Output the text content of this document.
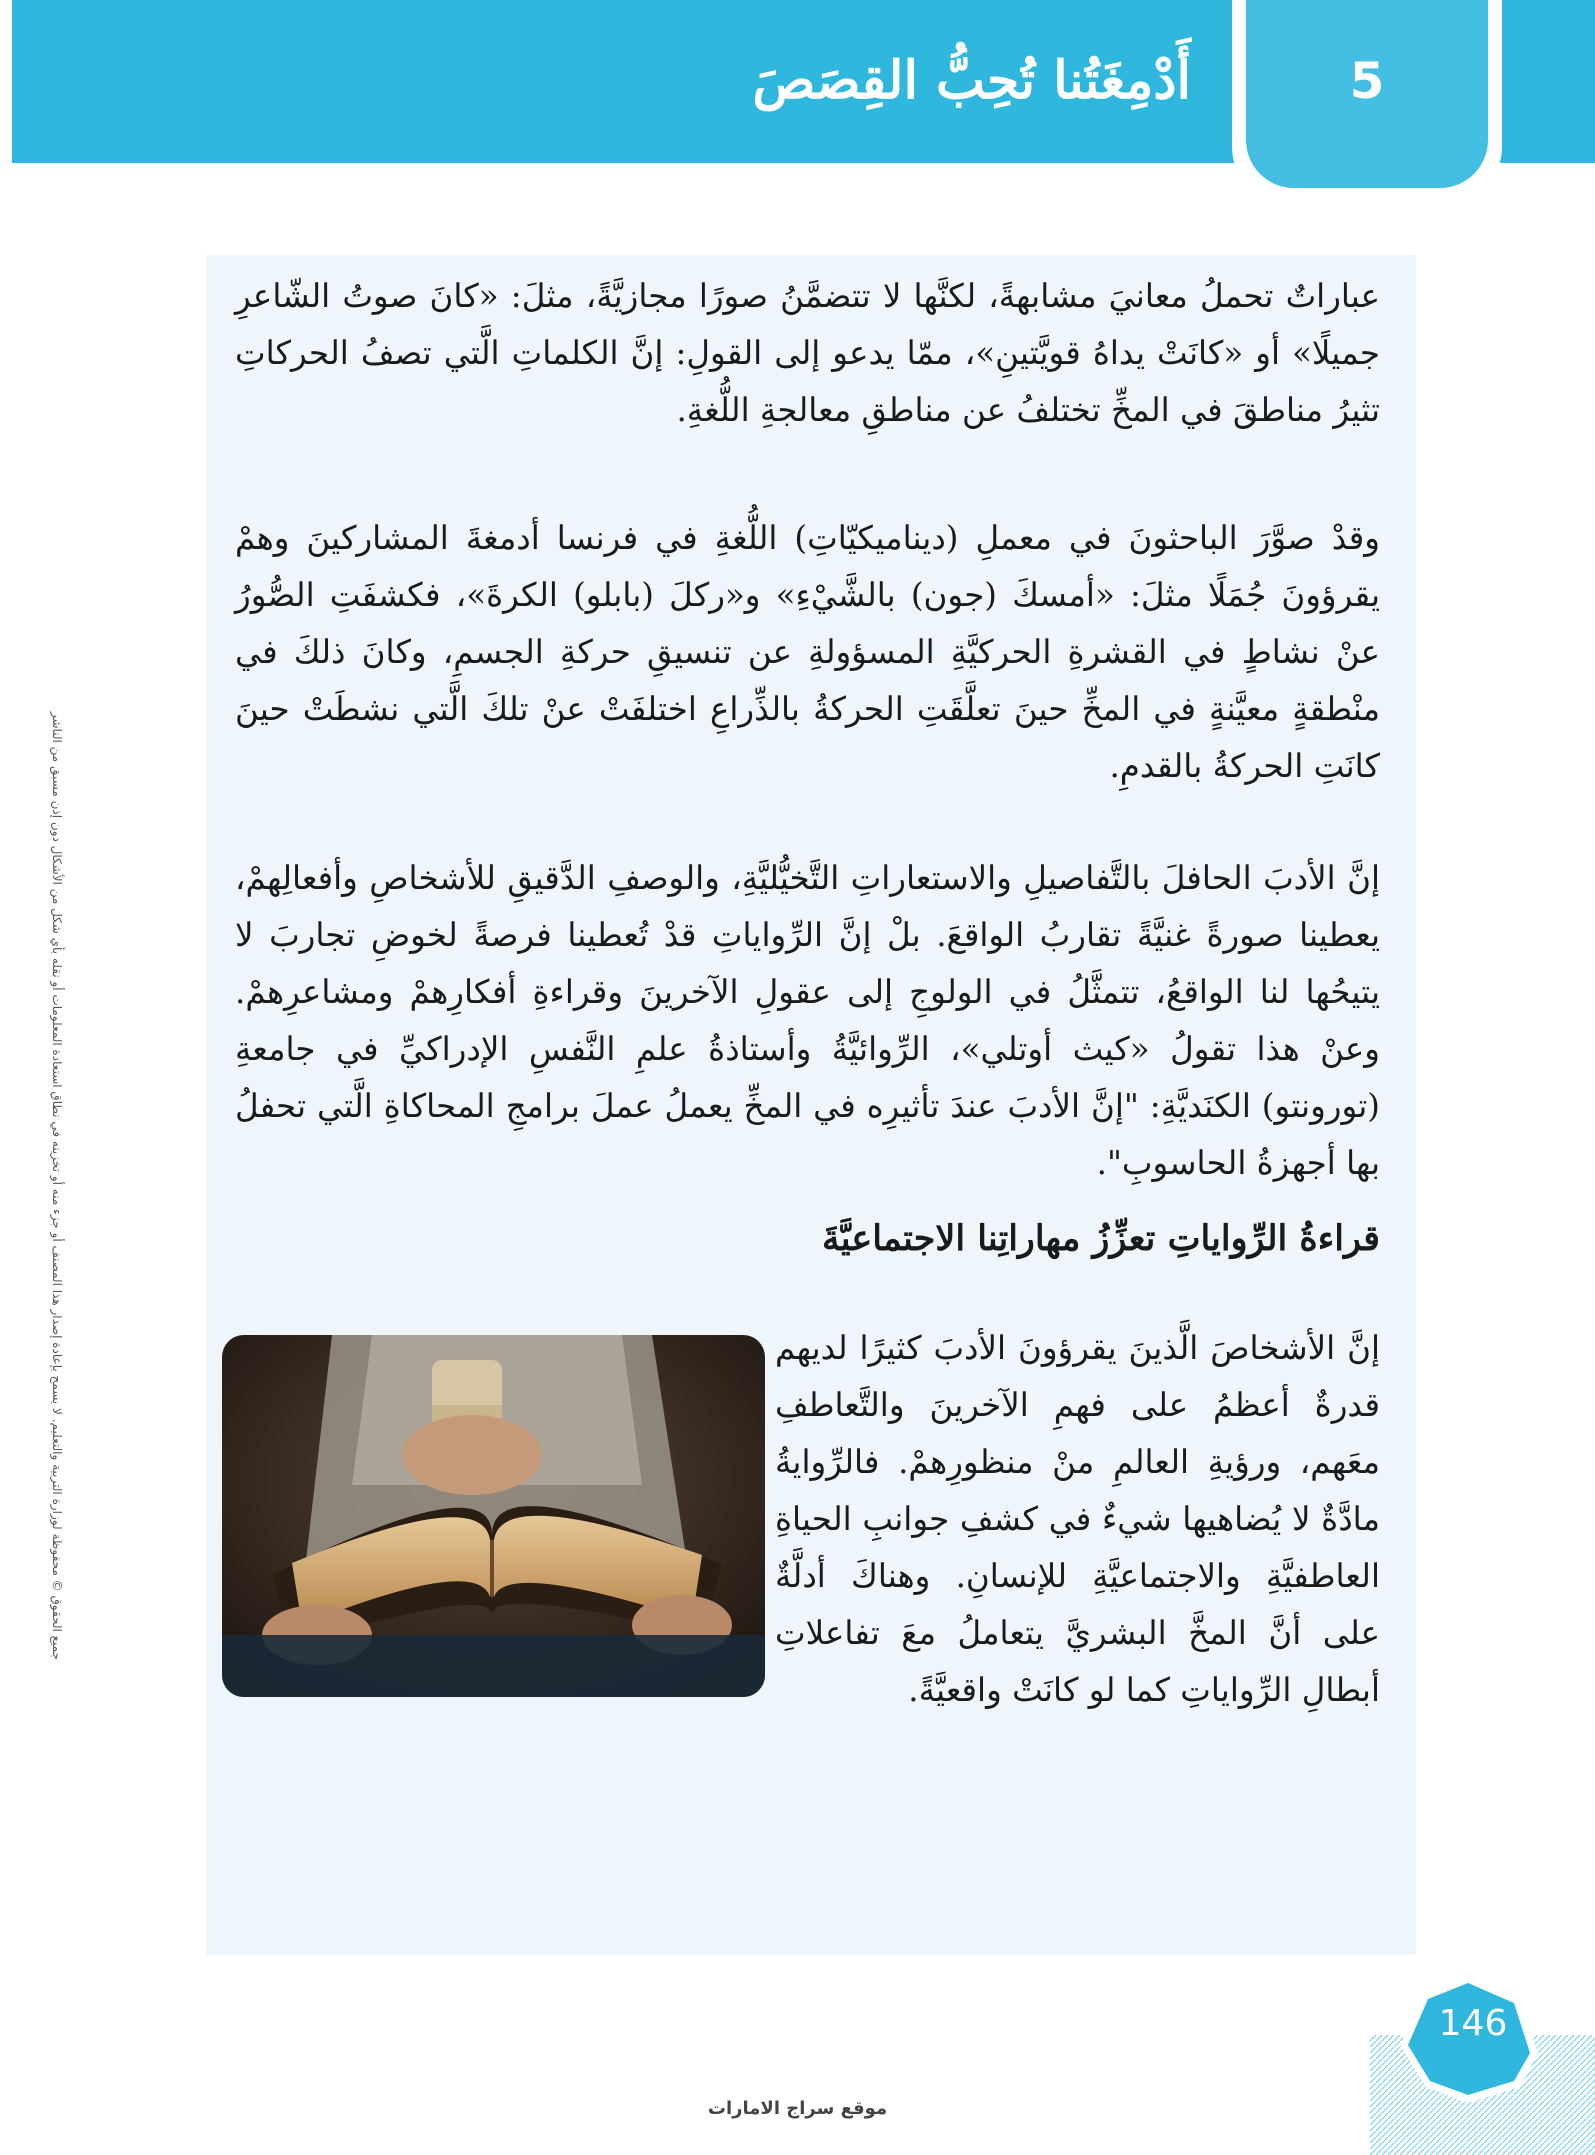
5
أَدْمِغَتُنا تُحِبُّ القِصَصَ
جميع الحقوق © محفوظة لوزارة التربية والتعليم. لا يسمح بإعادة إصدار هذا المصنف أو جزء منه أو تخزينه في نطاق استعادة المعلومات أو نقله بأي شكل من الأشكال دون إذن مسبق من الناشر

عباراتٌ تحملُ معانيَ مشابهةً، لكنَّها لا تتضمَّنُ صورًا مجازيَّةً، مثلَ: «كانَ صوتُ الشّاعرِ جميلًا» أو «كانَتْ يداهُ قويَّتينِ»، ممّا يدعو إلى القولِ: إنَّ الكلماتِ الَّتي تصفُ الحركاتِ تثيرُ مناطقَ في المخِّ تختلفُ عن مناطقِ معالجةِ اللُّغةِ.

وقدْ صوَّرَ الباحثونَ في معملِ (ديناميكيّاتِ) اللُّغةِ في فرنسا أدمغةَ المشاركينَ وهمْ يقرؤونَ جُمَلًا مثلَ: «أمسكَ (جون) بالشَّيْءِ» و«ركلَ (بابلو) الكرةَ»، فكشفَتِ الصُّورُ عنْ نشاطٍ في القشرةِ الحركيَّةِ المسؤولةِ عن تنسيقِ حركةِ الجسمِ، وكانَ ذلكَ في منْطقةٍ معيَّنةٍ في المخِّ حينَ تعلَّقَتِ الحركةُ بالذِّراعِ اختلفَتْ عنْ تلكَ الَّتي نشطَتْ حينَ كانَتِ الحركةُ بالقدمِ.

إنَّ الأدبَ الحافلَ بالتَّفاصيلِ والاستعاراتِ التَّخيُّليَّةِ، والوصفِ الدَّقيقِ للأشخاصِ وأفعالِهمْ، يعطينا صورةً غنيَّةً تقاربُ الواقعَ. بلْ إنَّ الرِّواياتِ قدْ تُعطينا فرصةً لخوضِ تجاربَ لا يتيحُها لنا الواقعُ، تتمثَّلُ في الولوجِ إلى عقولِ الآخرينَ وقراءةِ أفكارِهمْ ومشاعرِهمْ. وعنْ هذا تقولُ «كيث أوتلي»، الرِّوائيَّةُ وأستاذةُ علمِ النَّفسِ الإدراكيِّ في جامعةِ (تورونتو) الكنَديَّةِ: "إنَّ الأدبَ عندَ تأثيرِه في المخِّ يعملُ عملَ برامجِ المحاكاةِ الَّتي تحفلُ بها أجهزةُ الحاسوبِ".

قراءةُ الرِّواياتِ تعزِّزُ مهاراتِنا الاجتماعيَّةَ

إنَّ الأشخاصَ الَّذينَ يقرؤونَ الأدبَ كثيرًا لديهم قدرةٌ أعظمُ على فهمِ الآخرينَ والتَّعاطفِ معَهم، ورؤيةِ العالمِ منْ منظورِهمْ. فالرِّوايةُ مادَّةٌ لا يُضاهيها شيءٌ في كشفِ جوانبِ الحياةِ العاطفيَّةِ والاجتماعيَّةِ للإنسانِ. وهناكَ أدلَّةٌ على أنَّ المخَّ البشريَّ يتعاملُ معَ تفاعلاتِ أبطالِ الرِّواياتِ كما لو كانَتْ واقعيَّةً.

146
موقع سراج الامارات
